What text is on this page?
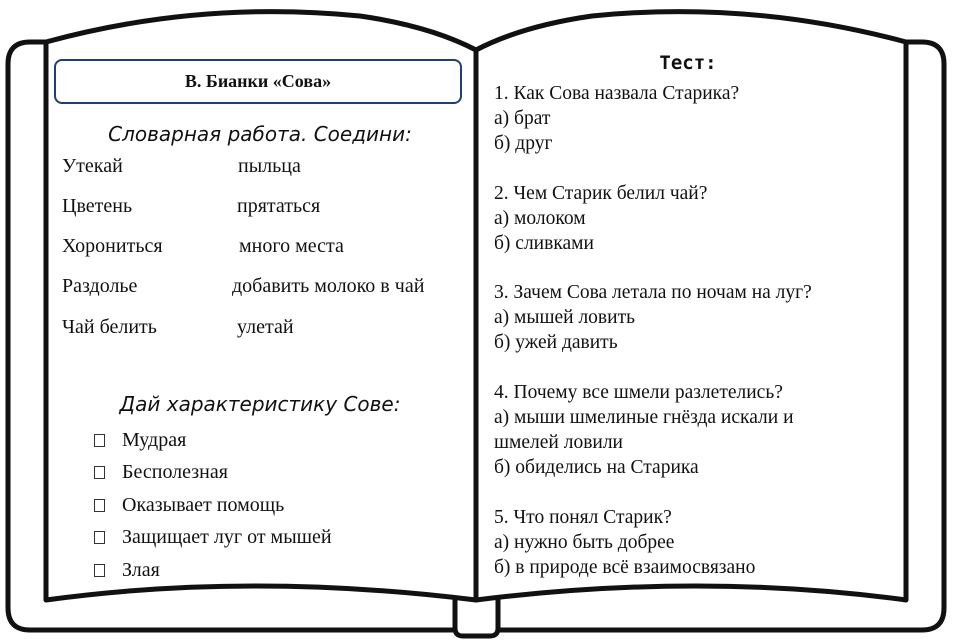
В. Бианки «Сова»
Словарная работа. Соедини:
Утекай
Цветень
Хорониться
Раздолье
Чай белить
пыльца
прятаться
много места
добавить молоко в чай
улетай
Дай характеристику Сове:
Мудрая
Бесполезная
Оказывает помощь
Защищает луг от мышей
Злая
Тест:
1. Как Сова назвала Старика?
а) брат
б) друг
2. Чем Старик белил чай?
а) молоком
б) сливками
3. Зачем Сова летала по ночам на луг?
а) мышей ловить
б) ужей давить
4. Почему все шмели разлетелись?
а) мыши шмелиные гнёзда искали и
шмелей ловили
б) обиделись на Старика
5. Что понял Старик?
а) нужно быть добрее
б) в природе всё взаимосвязано
